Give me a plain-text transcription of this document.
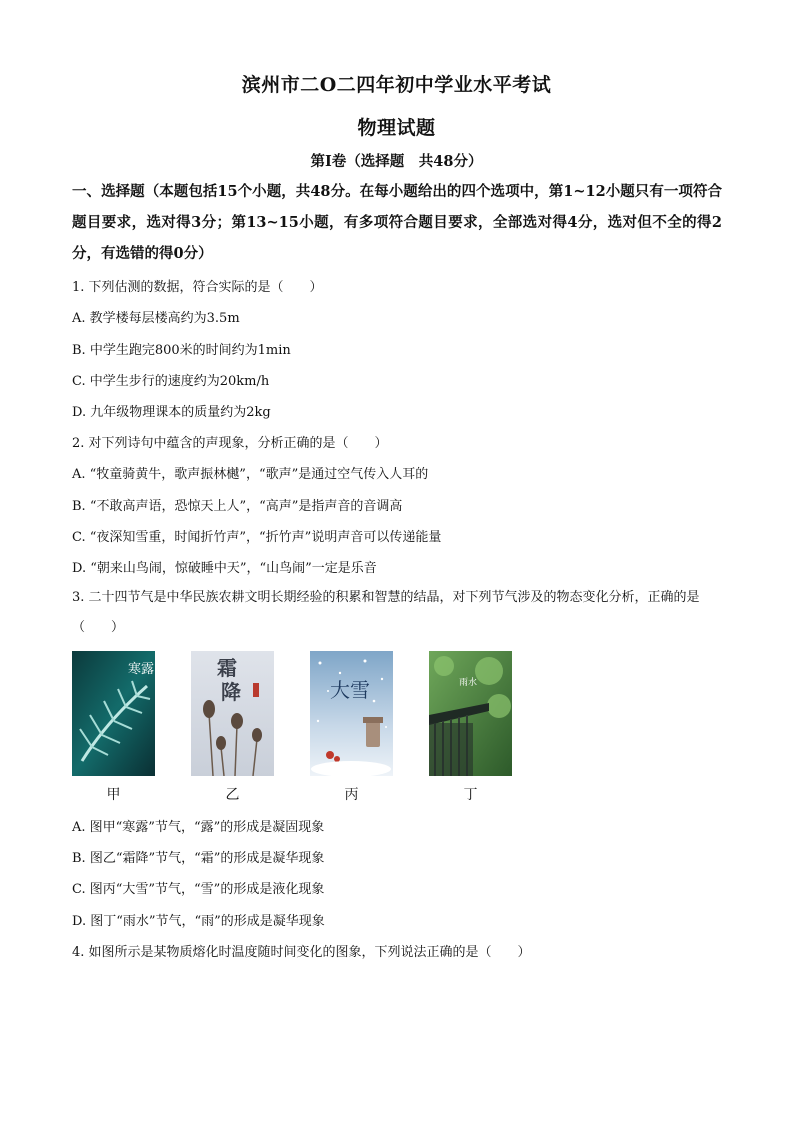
滨州市二O二四年初中学业水平考试
物理试题
第Ⅰ卷（选择题　共48分）
一、选择题（本题包括15个小题，共48分。在每小题给出的四个选项中，第1~12小题只有一项符合题目要求，选对得3分；第13~15小题，有多项符合题目要求，全部选对得4分，选对但不全的得2分，有选错的得0分）
1. 下列估测的数据，符合实际的是（　　）
A. 教学楼每层楼高约为3.5m
B. 中学生跑完800米的时间约为1min
C. 中学生步行的速度约为20km/h
D. 九年级物理课本的质量约为2kg
2. 对下列诗句中蕴含的声现象，分析正确的是（　　）
A. “牧童骑黄牛，歌声振林樾”，“歌声”是通过空气传入人耳的
B. “不敢高声语，恐惊天上人”，“高声”是指声音的音调高
C. “夜深知雪重，时闻折竹声”，“折竹声”说明声音可以传递能量
D. “朝来山鸟闹，惊破睡中天”，“山鸟闹”一定是乐音
3. 二十四节气是中华民族农耕文明长期经验的积累和智慧的结晶，对下列节气涉及的物态变化分析，正确的是（　　）
寒露
甲
霜
降
乙
大雪
丙
雨水
丁
A. 图甲“寒露”节气，“露”的形成是凝固现象
B. 图乙“霜降”节气，“霜”的形成是凝华现象
C. 图丙“大雪”节气，“雪”的形成是液化现象
D. 图丁“雨水”节气，“雨”的形成是凝华现象
4. 如图所示是某物质熔化时温度随时间变化的图象，下列说法正确的是（　　）
